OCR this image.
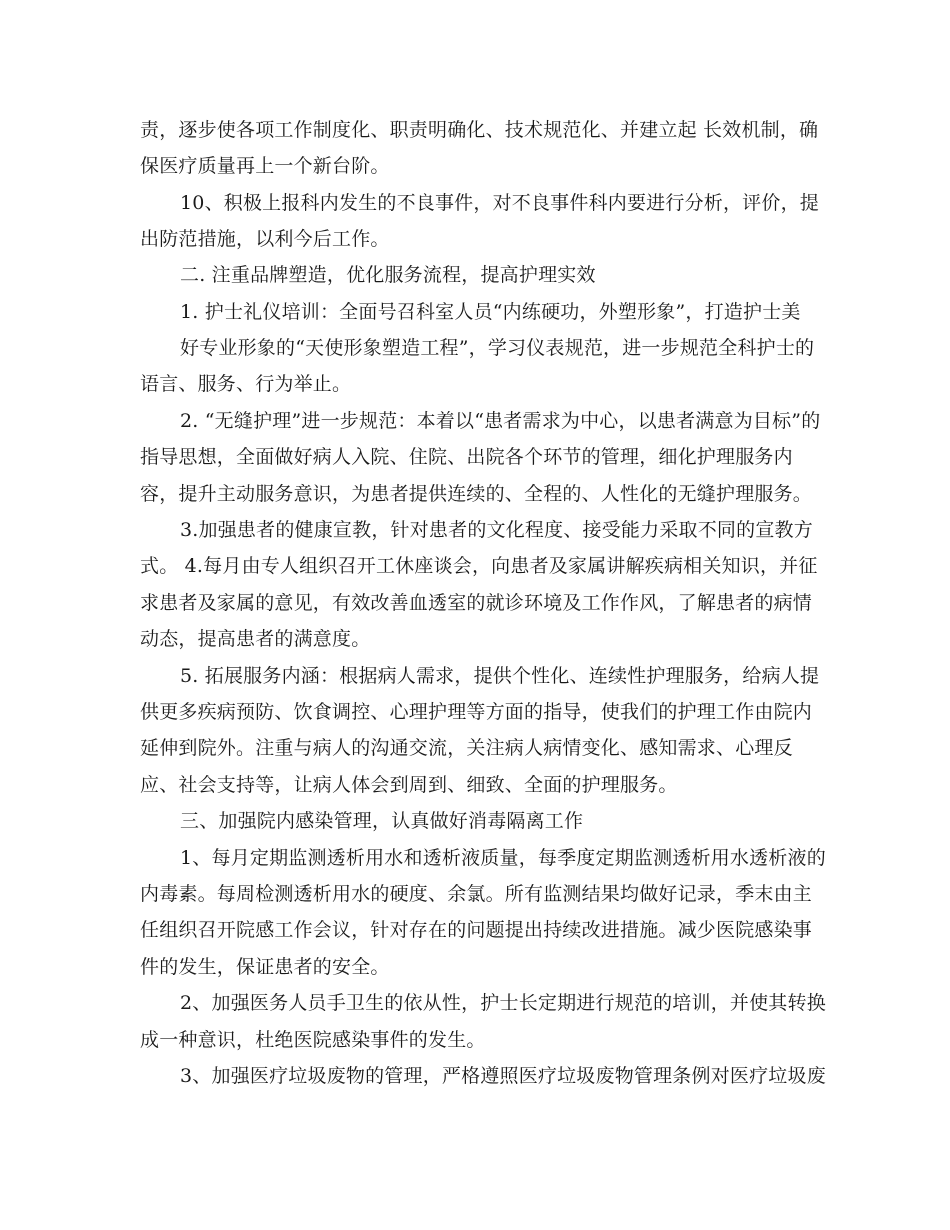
责，逐步使各项工作制度化、职责明确化、技术规范化、并建立起 长效机制，确
保医疗质量再上一个新台阶。
10、积极上报科内发生的不良事件，对不良事件科内要进行分析，评价，提
出防范措施，以利今后工作。
二. 注重品牌塑造，优化服务流程，提高护理实效
1. 护士礼仪培训：全面号召科室人员“内练硬功，外塑形象”，打造护士美
好专业形象的“天使形象塑造工程”，学习仪表规范，进一步规范全科护士的
语言、服务、行为举止。
2. “无缝护理”进一步规范：本着以“患者需求为中心，以患者满意为目标”的
指导思想，全面做好病人入院、住院、出院各个环节的管理，细化护理服务内
容，提升主动服务意识，为患者提供连续的、全程的、人性化的无缝护理服务。
3.加强患者的健康宣教，针对患者的文化程度、接受能力采取不同的宣教方
式。 4.每月由专人组织召开工休座谈会，向患者及家属讲解疾病相关知识，并征
求患者及家属的意见，有效改善血透室的就诊环境及工作作风，了解患者的病情
动态，提高患者的满意度。
5. 拓展服务内涵：根据病人需求，提供个性化、连续性护理服务，给病人提
供更多疾病预防、饮食调控、心理护理等方面的指导，使我们的护理工作由院内
延伸到院外。注重与病人的沟通交流，关注病人病情变化、感知需求、心理反
应、社会支持等，让病人体会到周到、细致、全面的护理服务。
三、加强院内感染管理，认真做好消毒隔离工作
1、每月定期监测透析用水和透析液质量，每季度定期监测透析用水透析液的
内毒素。每周检测透析用水的硬度、余氯。所有监测结果均做好记录，季末由主
任组织召开院感工作会议，针对存在的问题提出持续改进措施。减少医院感染事
件的发生，保证患者的安全。
2、加强医务人员手卫生的依从性，护士长定期进行规范的培训，并使其转换
成一种意识，杜绝医院感染事件的发生。
3、加强医疗垃圾废物的管理，严格遵照医疗垃圾废物管理条例对医疗垃圾废
